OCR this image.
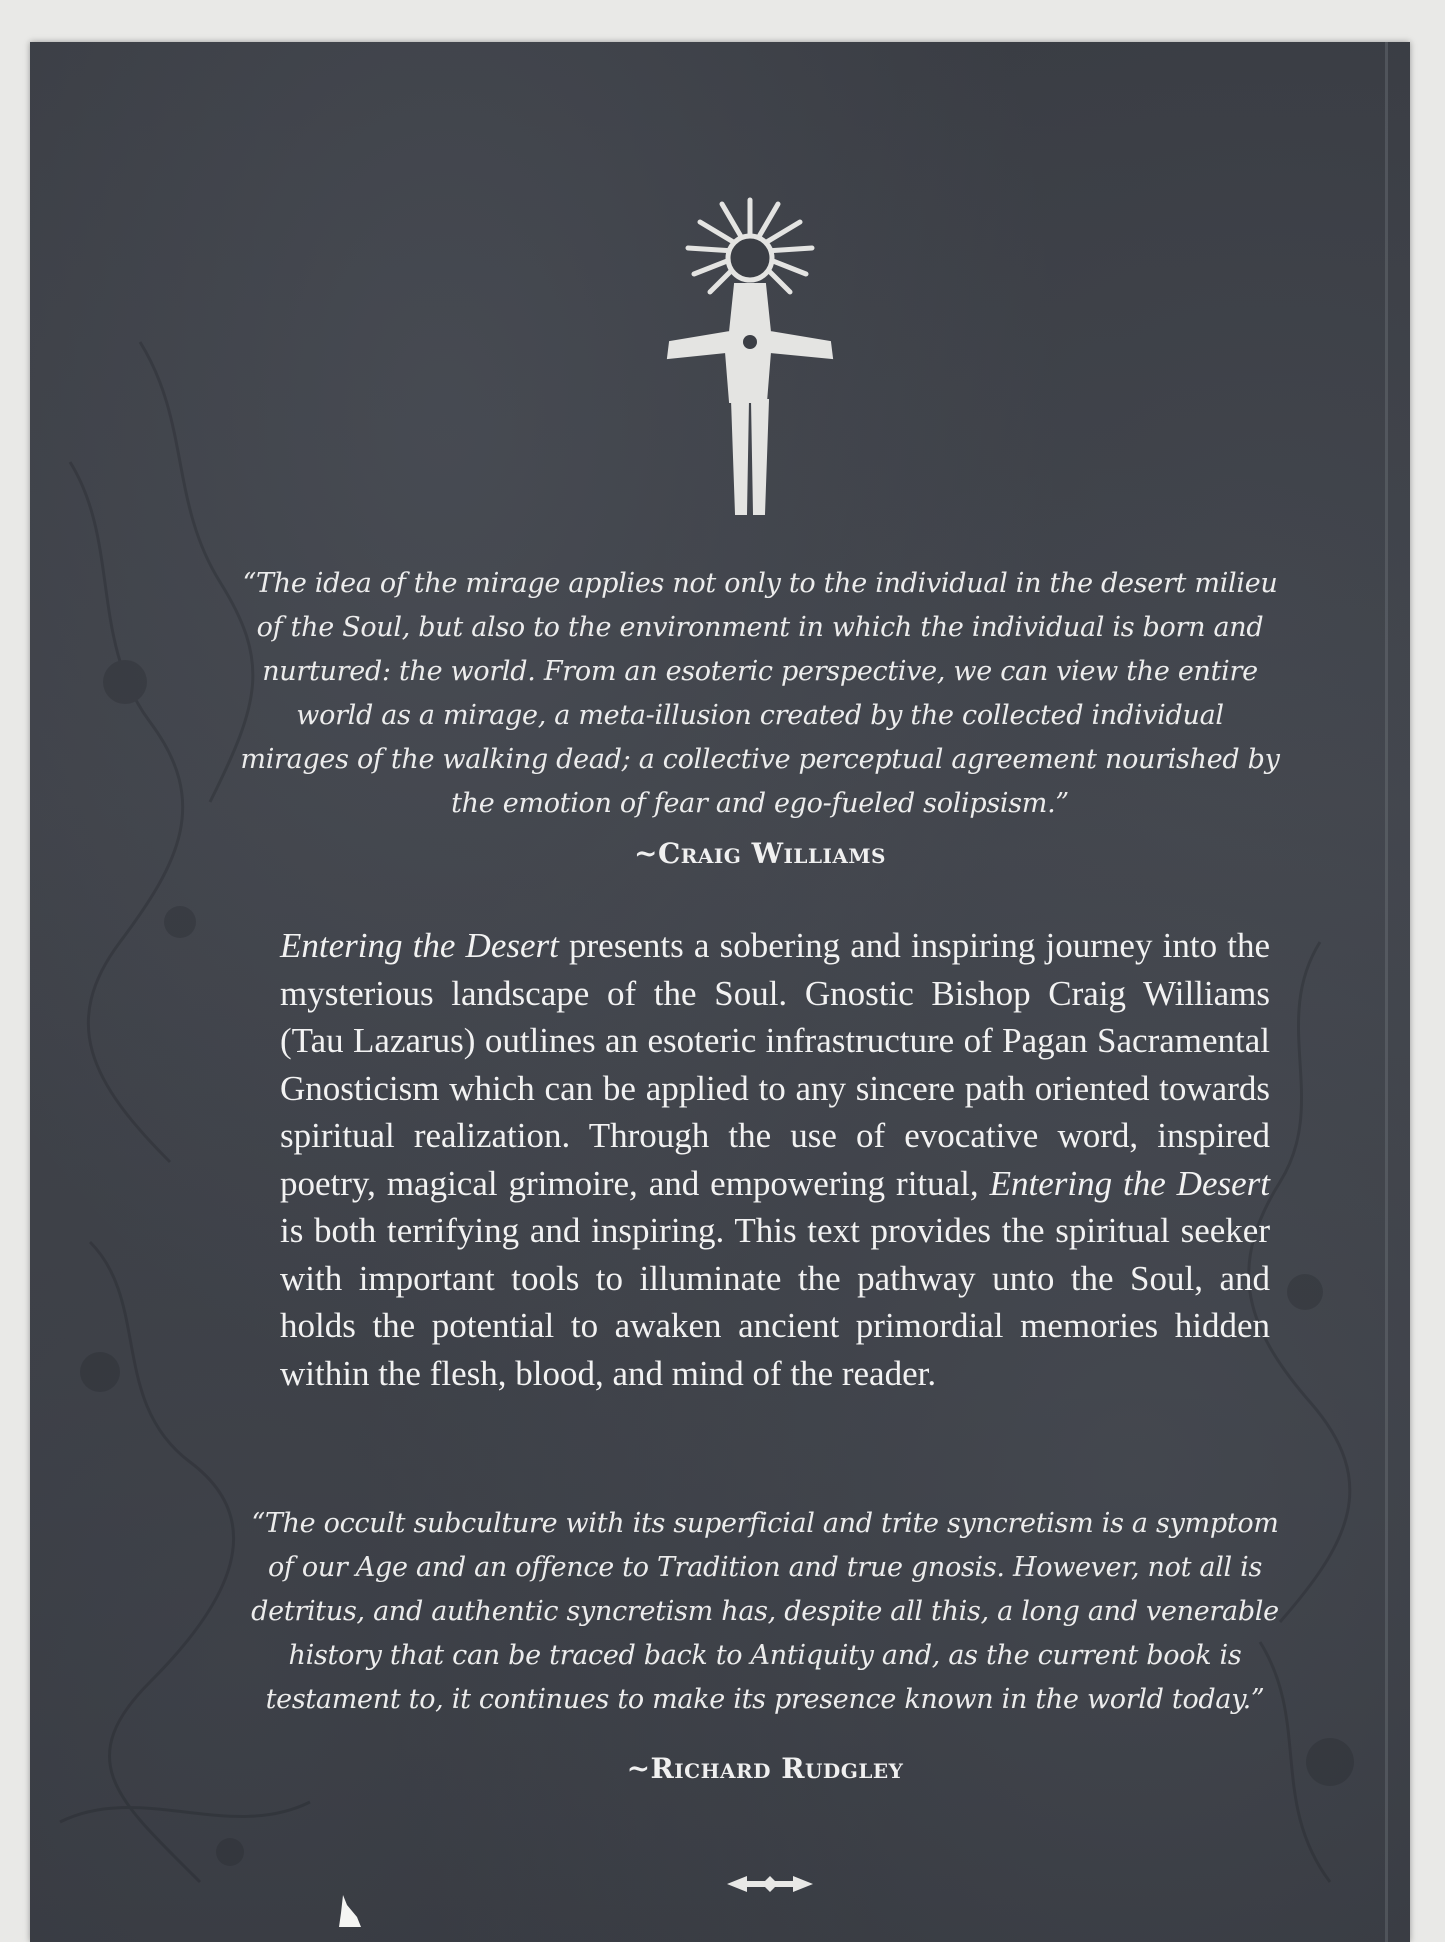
“The idea of the mirage applies not only to the individual in the desert milieu of the Soul, but also to the environment in which the individual is born and nurtured: the world. From an esoteric perspective, we can view the entire world as a mirage, a meta-illusion created by the collected individual mirages of the walking dead; a collective perceptual agreement nourished by the emotion of fear and ego-fueled solipsism.”
~Craig Williams
Entering the Desert presents a sobering and inspiring journey into the mysterious landscape of the Soul. Gnostic Bishop Craig Williams (Tau Lazarus) outlines an esoteric infrastructure of Pagan Sacramental Gnosticism which can be applied to any sincere path oriented towards spiritual realization. Through the use of evocative word, inspired poetry, magical grimoire, and empowering ritual, Entering the Desert is both terrifying and inspiring. This text provides the spiritual seeker with important tools to illuminate the pathway unto the Soul, and holds the potential to awaken ancient primordial memories hidden within the flesh, blood, and mind of the reader.
“The occult subculture with its superficial and trite syncretism is a symptom of our Age and an offence to Tradition and true gnosis. However, not all is detritus, and authentic syncretism has, despite all this, a long and venerable history that can be traced back to Antiquity and, as the current book is testament to, it continues to make its presence known in the world today.”
~Richard Rudgley
